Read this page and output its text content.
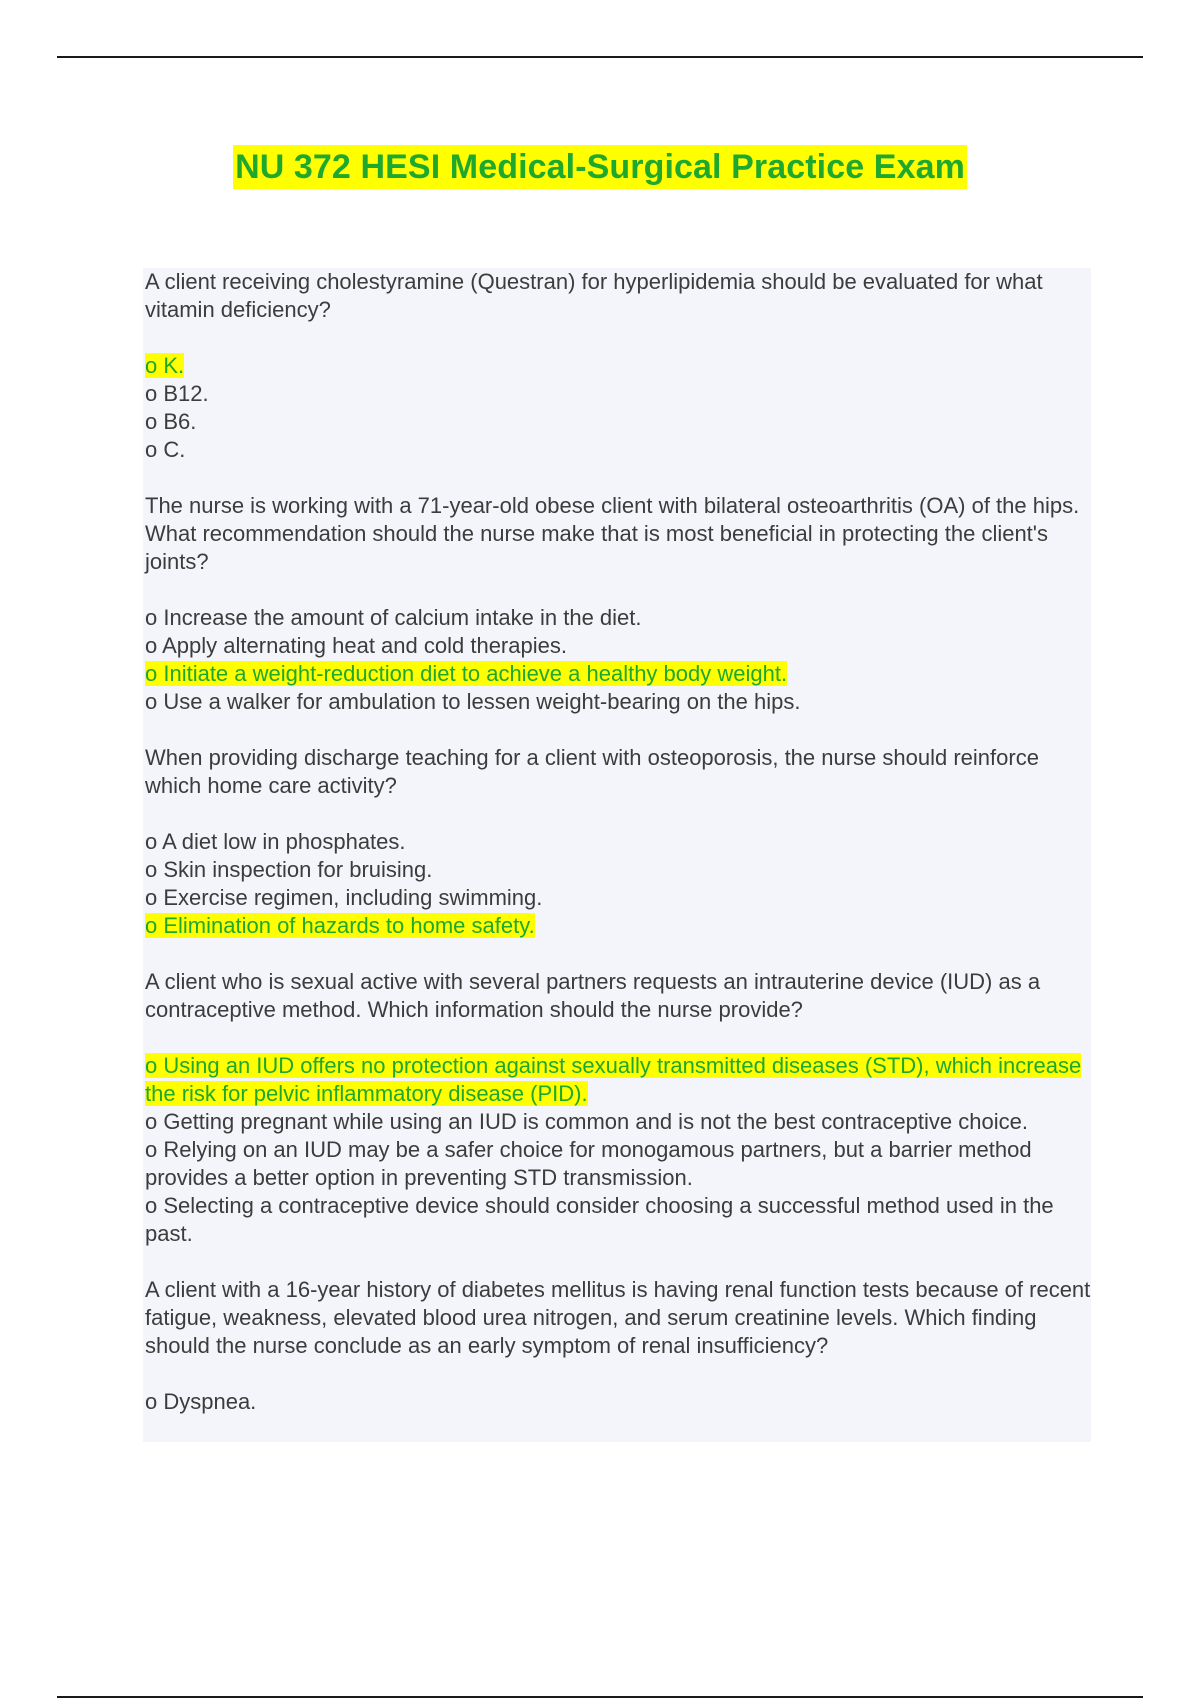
NU 372 HESI Medical-Surgical Practice Exam

A client receiving cholestyramine (Questran) for hyperlipidemia should be evaluated for what vitamin deficiency?

o K.
o B12.
o B6.
o C.

The nurse is working with a 71-year-old obese client with bilateral osteoarthritis (OA) of the hips. What recommendation should the nurse make that is most beneficial in protecting the client's joints?

o Increase the amount of calcium intake in the diet.
o Apply alternating heat and cold therapies.
o Initiate a weight-reduction diet to achieve a healthy body weight.
o Use a walker for ambulation to lessen weight-bearing on the hips.

When providing discharge teaching for a client with osteoporosis, the nurse should reinforce which home care activity?

o A diet low in phosphates.
o Skin inspection for bruising.
o Exercise regimen, including swimming.
o Elimination of hazards to home safety.

A client who is sexual active with several partners requests an intrauterine device (IUD) as a contraceptive method. Which information should the nurse provide?

o Using an IUD offers no protection against sexually transmitted diseases (STD), which increase the risk for pelvic inflammatory disease (PID).
o Getting pregnant while using an IUD is common and is not the best contraceptive choice.
o Relying on an IUD may be a safer choice for monogamous partners, but a barrier method provides a better option in preventing STD transmission.
o Selecting a contraceptive device should consider choosing a successful method used in the past.

A client with a 16-year history of diabetes mellitus is having renal function tests because of recent fatigue, weakness, elevated blood urea nitrogen, and serum creatinine levels. Which finding should the nurse conclude as an early symptom of renal insufficiency?

o Dyspnea.
